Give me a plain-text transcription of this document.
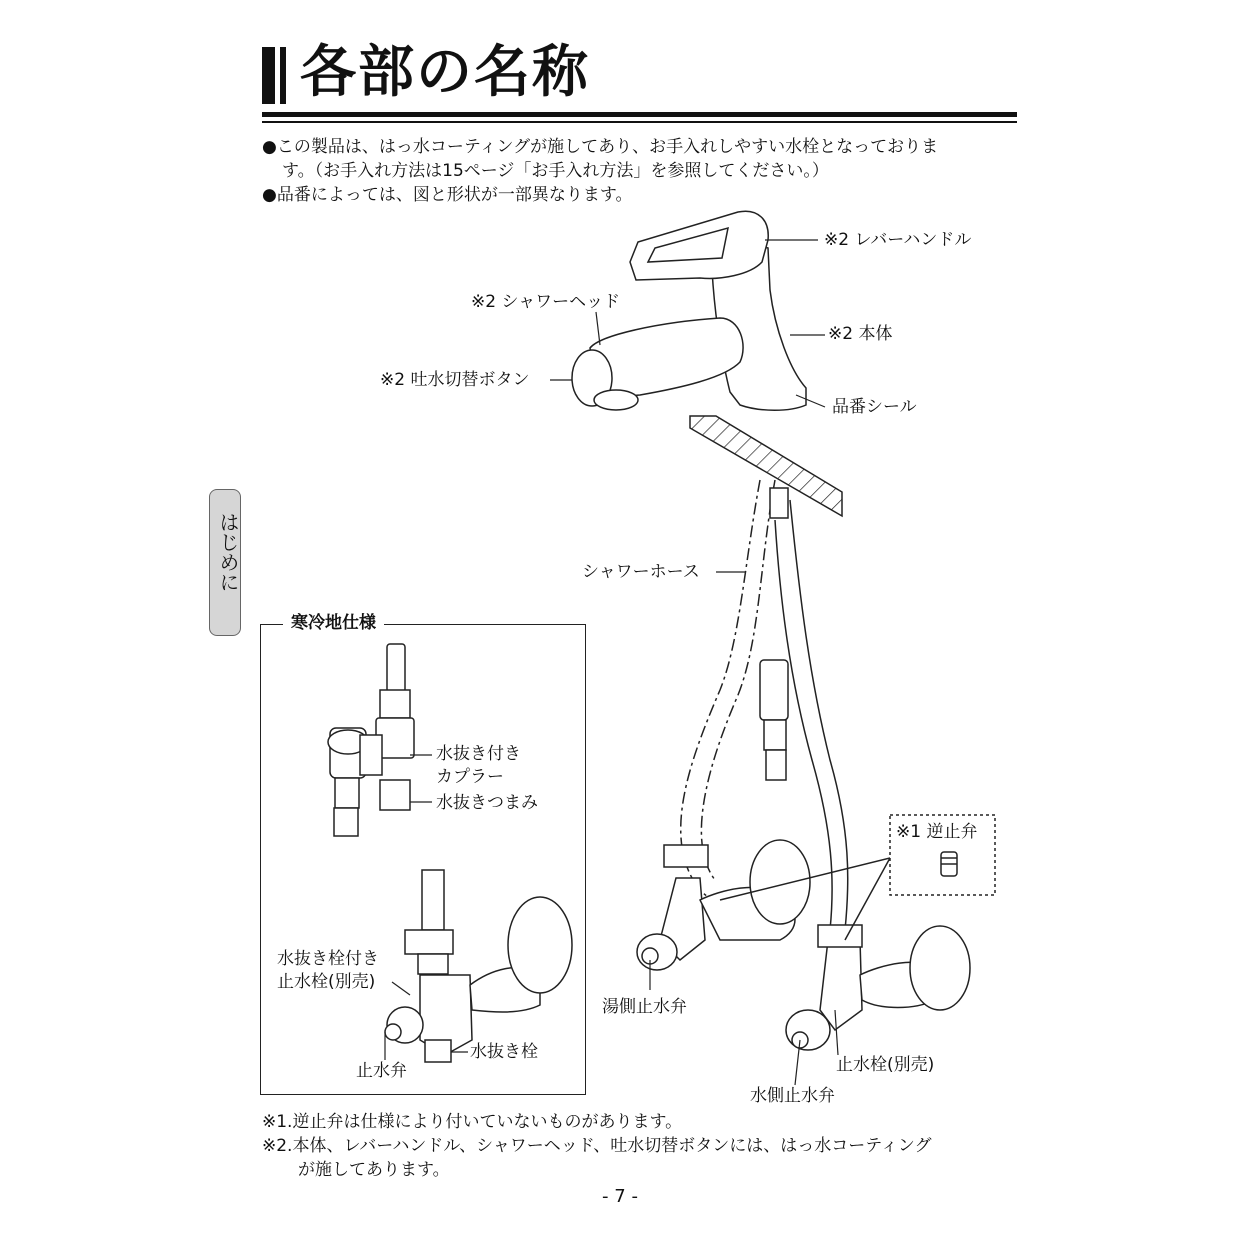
各部の名称
●この製品は、はっ水コーティングが施してあり、お手入れしやすい水栓となっておりま
す。（お手入れ方法は15ページ「お手入れ方法」を参照してください。）
●品番によっては、図と形状が一部異なります。
はじめに
※2 レバーハンドル
※2 シャワーヘッド
※2 本体
※2 吐水切替ボタン
品番シール
シャワーホース
※1 逆止弁
湯側止水弁
止水栓(別売)
水側止水弁
寒冷地仕様
水抜き付き
カプラー
水抜きつまみ
水抜き栓付き
止水栓(別売)
止水弁
水抜き栓
※1.逆止弁は仕様により付いていないものがあります。
※2.本体、レバーハンドル、シャワーヘッド、吐水切替ボタンには、はっ水コーティング
が施してあります。
- 7 -
